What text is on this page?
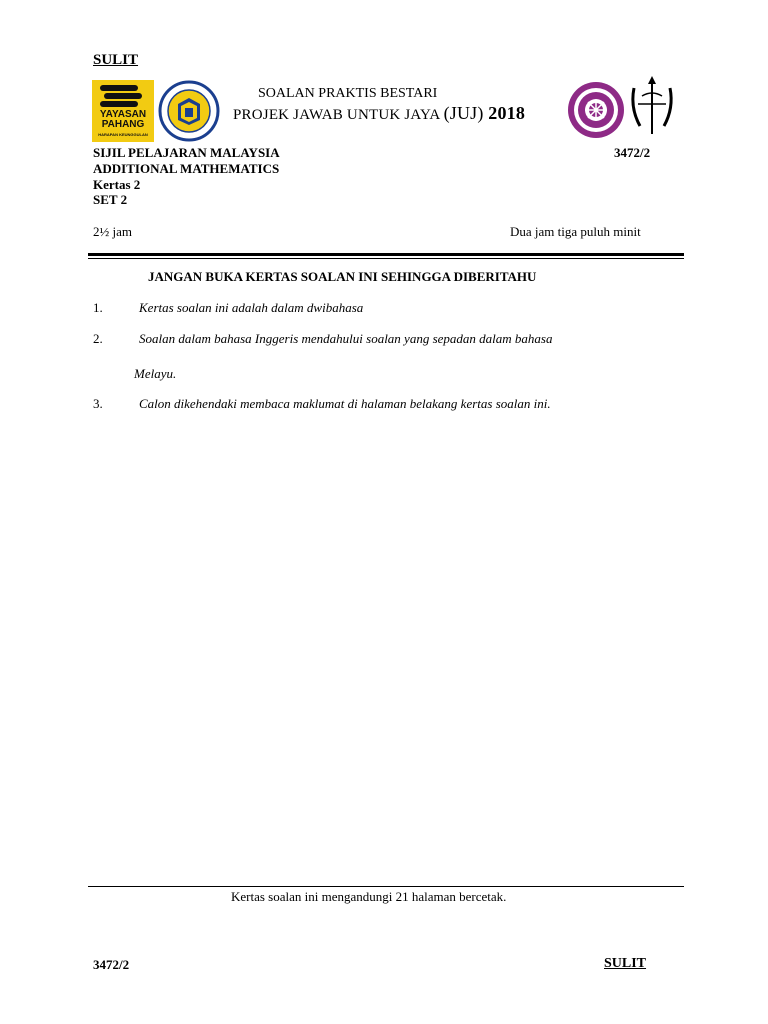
SULIT
YAYASAN
PAHANG
HARAPAN KEUNGGULAN
SOALAN PRAKTIS BESTARI
PROJEK JAWAB UNTUK JAYA (JUJ) 2018
SIJIL PELAJARAN MALAYSIA
ADDITIONAL MATHEMATICS
Kertas 2
SET 2
3472/2
2½ jam	Dua jam tiga puluh minit
JANGAN BUKA KERTAS SOALAN INI SEHINGGA DIBERITAHU
1.	Kertas soalan ini adalah dalam dwibahasa
2.	Soalan dalam bahasa Inggeris mendahului soalan yang sepadan dalam bahasa
Melayu.
3.	Calon dikehendaki membaca maklumat di halaman belakang kertas soalan ini.
Kertas soalan ini mengandungi 21 halaman bercetak.
3472/2	SULIT
